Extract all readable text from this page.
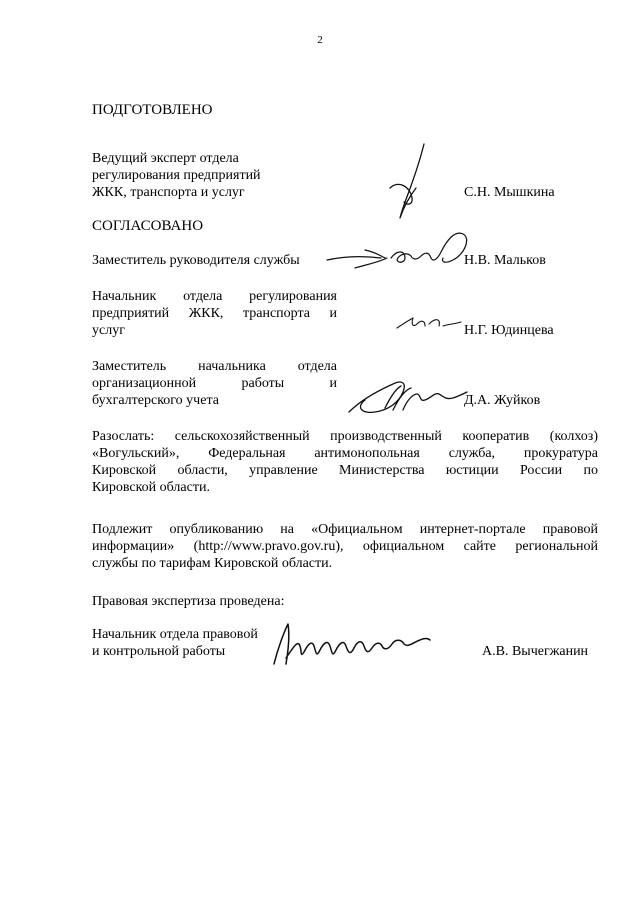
2
ПОДГОТОВЛЕНО
Ведущий эксперт отдела
регулирования предприятий
ЖКК, транспорта и услуг	С.Н. Мышкина
СОГЛАСОВАНО
Заместитель руководителя службы	Н.В. Мальков
Начальник отдела регулирования
предприятий ЖКК, транспорта и
услуг	Н.Г. Юдинцева
Заместитель начальника отдела
организационной работы и
бухгалтерского учета	Д.А. Жуйков
Разослать: сельскохозяйственный производственный кооператив (колхоз)
«Вогульский», Федеральная антимонопольная служба, прокуратура
Кировской области, управление Министерства юстиции России по
Кировской области.
Подлежит опубликованию на «Официальном интернет-портале правовой
информации» (http://www.pravo.gov.ru), официальном сайте региональной
службы по тарифам Кировской области.
Правовая экспертиза проведена:
Начальник отдела правовой
и контрольной работы	А.В. Вычегжанин
